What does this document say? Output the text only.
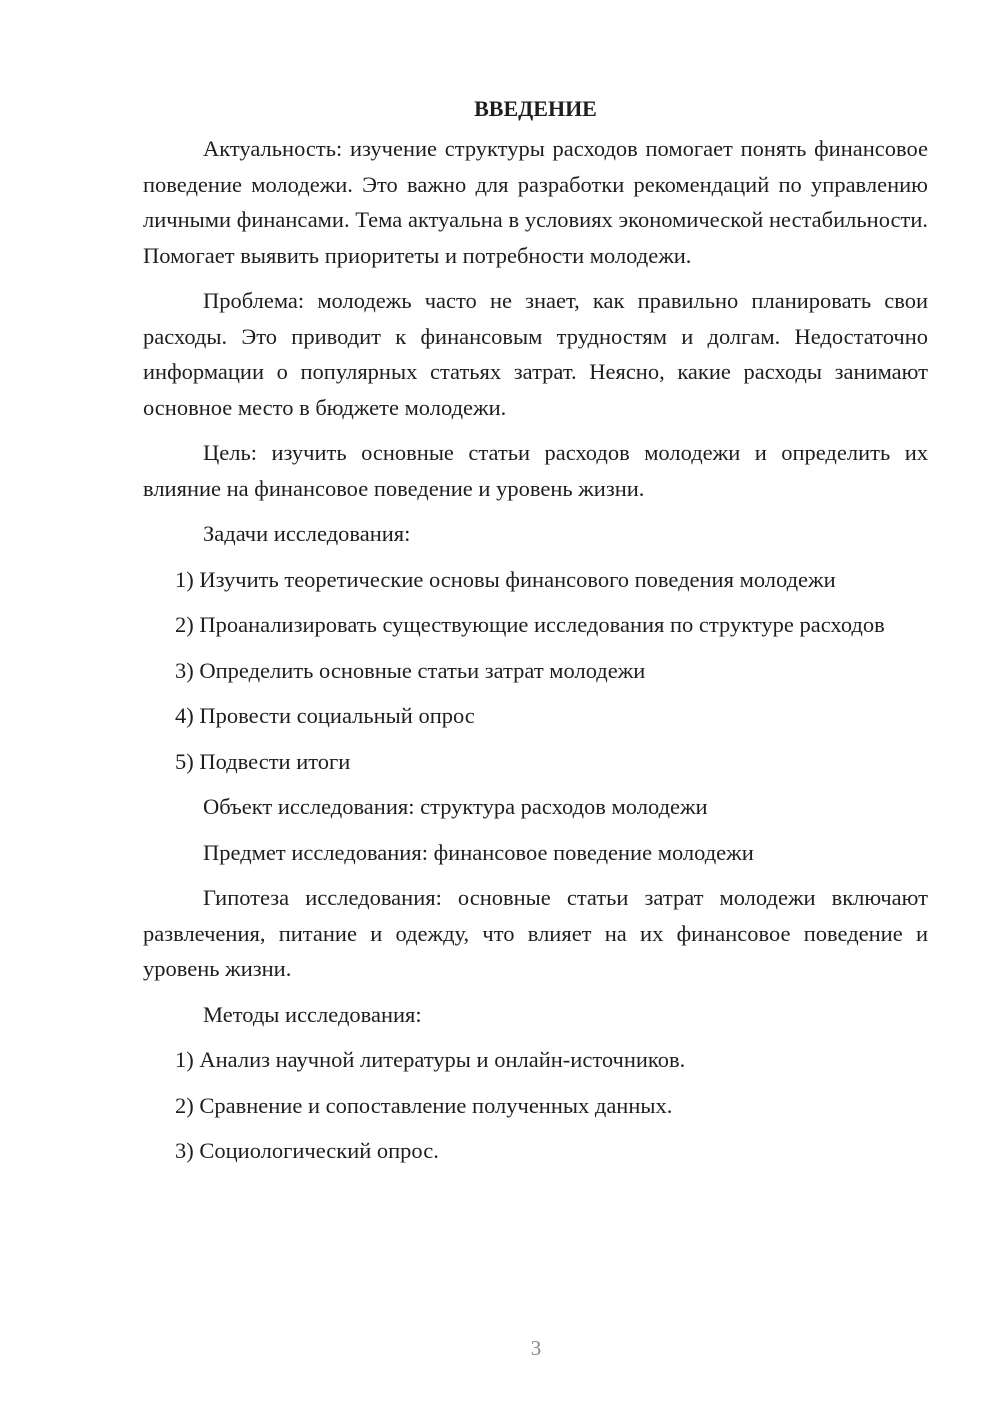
ВВЕДЕНИЕ

Актуальность: изучение структуры расходов помогает понять финансовое поведение молодежи. Это важно для разработки рекомендаций по управлению личными финансами. Тема актуальна в условиях экономической нестабильности. Помогает выявить приоритеты и потребности молодежи.

Проблема: молодежь часто не знает, как правильно планировать свои расходы. Это приводит к финансовым трудностям и долгам. Недостаточно информации о популярных статьях затрат. Неясно, какие расходы занимают основное место в бюджете молодежи.

Цель: изучить основные статьи расходов молодежи и определить их влияние на финансовое поведение и уровень жизни.

Задачи исследования:

1) Изучить теоретические основы финансового поведения молодежи

2) Проанализировать существующие исследования по структуре расходов

3) Определить основные статьи затрат молодежи

4) Провести социальный опрос

5) Подвести итоги

Объект исследования: структура расходов молодежи

Предмет исследования: финансовое поведение молодежи

Гипотеза исследования: основные статьи затрат молодежи включают развлечения, питание и одежду, что влияет на их финансовое поведение и уровень жизни.

Методы исследования:

1) Анализ научной литературы и онлайн-источников.

2) Сравнение и сопоставление полученных данных.

3) Социологический опрос.

3
